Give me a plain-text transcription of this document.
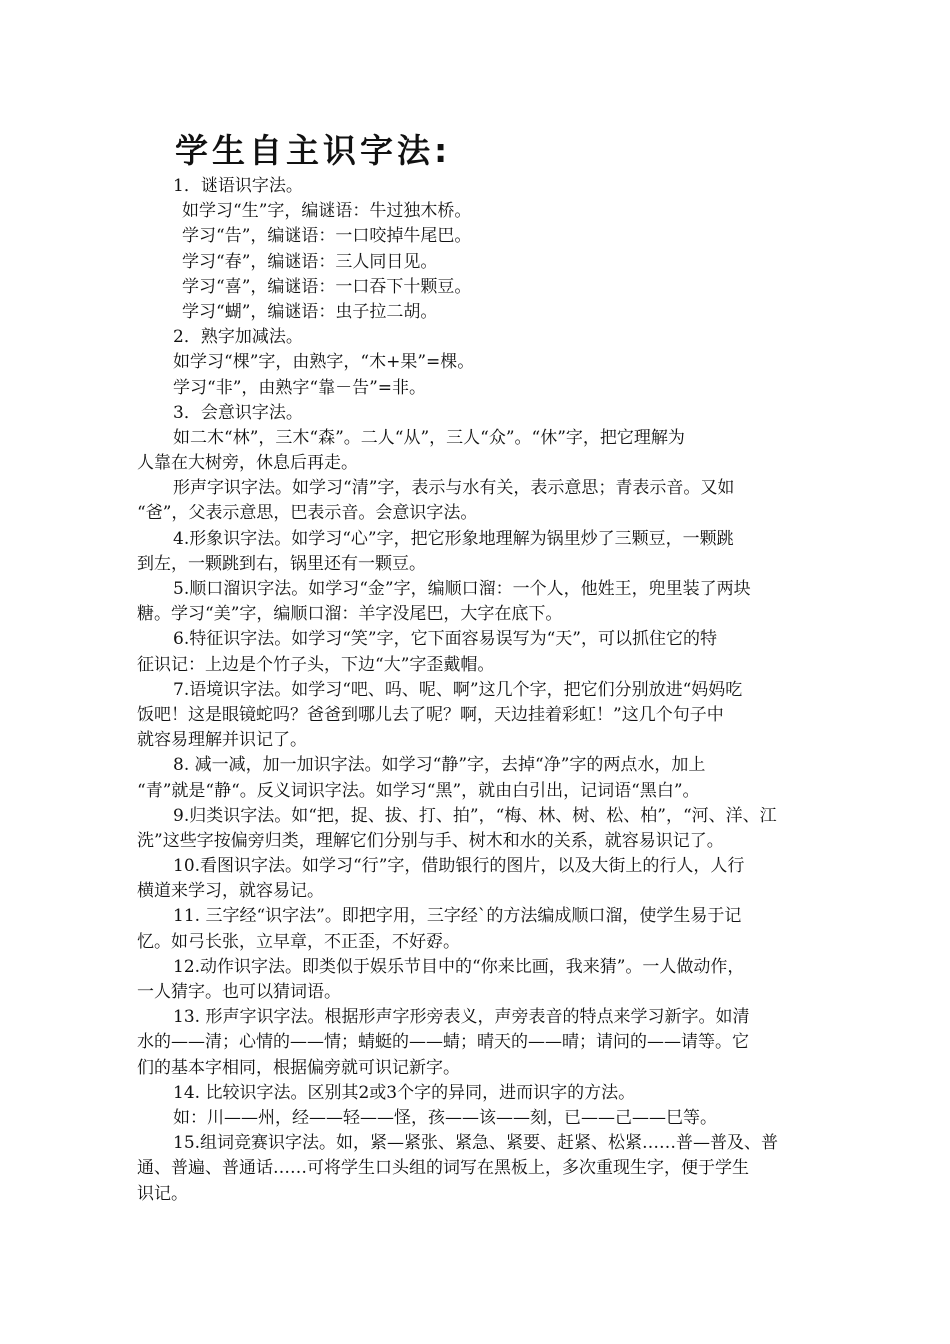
学生自主识字法:
1．谜语识字法。
如学习“生”字，编谜语：牛过独木桥。
学习“告”，编谜语：一口咬掉牛尾巴。
学习“春”，编谜语：三人同日见。
学习“喜”，编谜语：一口吞下十颗豆。
学习“蝴”，编谜语：虫子拉二胡。
2．熟字加减法。
如学习“棵”字，由熟字，“木+果”=棵。
学习“非”，由熟字“靠－告”=非。
3．会意识字法。
如二木“林”，三木“森”。二人“从”，三人“众”。“休”字，把它理解为
人靠在大树旁，休息后再走。
形声字识字法。如学习“清”字，表示与水有关，表示意思；青表示音。又如
“爸”，父表示意思，巴表示音。会意识字法。
4.形象识字法。如学习“心”字，把它形象地理解为锅里炒了三颗豆，一颗跳
到左，一颗跳到右，锅里还有一颗豆。
5.顺口溜识字法。如学习“金”字，编顺口溜：一个人，他姓王，兜里装了两块
糖。学习“美”字，编顺口溜：羊字没尾巴，大字在底下。
6.特征识字法。如学习“笑”字，它下面容易误写为“天”，可以抓住它的特
征识记：上边是个竹子头，下边“大”字歪戴帽。
7.语境识字法。如学习“吧、吗、呢、啊”这几个字，把它们分别放进“妈妈吃
饭吧！这是眼镜蛇吗？爸爸到哪儿去了呢？啊，天边挂着彩虹！”这几个句子中
就容易理解并识记了。
8. 减一减，加一加识字法。如学习“静”字，去掉“净”字的两点水，加上
“青”就是“静“。反义词识字法。如学习“黑”，就由白引出，记词语“黑白”。
9.归类识字法。如“把，捉、拔、打、拍”，“梅、林、树、松、柏”，“河、洋、江
洗”这些字按偏旁归类，理解它们分别与手、树木和水的关系，就容易识记了。
10.看图识字法。如学习“行”字，借助银行的图片，以及大街上的行人，人行
横道来学习，就容易记。
11. 三字经“识字法”。即把字用，三字经`的方法编成顺口溜，使学生易于记
忆。如弓长张，立早章，不正歪，不好孬。
12.动作识字法。即类似于娱乐节目中的“你来比画，我来猜”。一人做动作，
一人猜字。也可以猜词语。
13. 形声字识字法。根据形声字形旁表义，声旁表音的特点来学习新字。如清
水的——清；心情的——情；蜻蜓的——蜻；晴天的——晴；请问的——请等。它
们的基本字相同，根据偏旁就可识记新字。
14. 比较识字法。区别其2或3个字的异同，进而识字的方法。
如：川——州，经——轻——怪，孩——该——刻，已——己——巳等。
15.组词竞赛识字法。如，紧—紧张、紧急、紧要、赶紧、松紧……普—普及、普
通、普遍、普通话……可将学生口头组的词写在黑板上，多次重现生字，便于学生
识记。
